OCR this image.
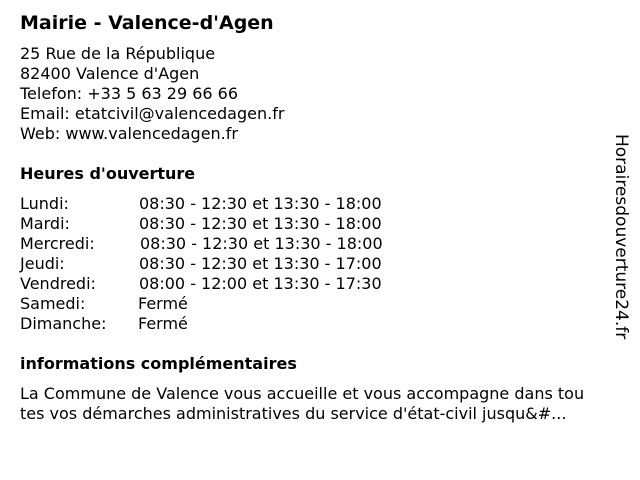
Mairie - Valence-d'Agen
25 Rue de la République
82400 Valence d'Agen
Telefon: +33 5 63 29 66 66
Email: etatcivil@valencedagen.fr
Web: www.valencedagen.fr
Heures d'ouverture
Lundi:	08:30 - 12:30 et 13:30 - 18:00
Mardi:	08:30 - 12:30 et 13:30 - 18:00
Mercredi:	08:30 - 12:30 et 13:30 - 18:00
Jeudi:	08:30 - 12:30 et 13:30 - 17:00
Vendredi:	08:00 - 12:00 et 13:30 - 17:30
Samedi:	Fermé
Dimanche: Fermé
informations complémentaires
La Commune de Valence vous accueille et vous accompagne dans tou
tes vos démarches administratives du service d'état-civil jusqu&#...
Horairesdouverture24.fr
